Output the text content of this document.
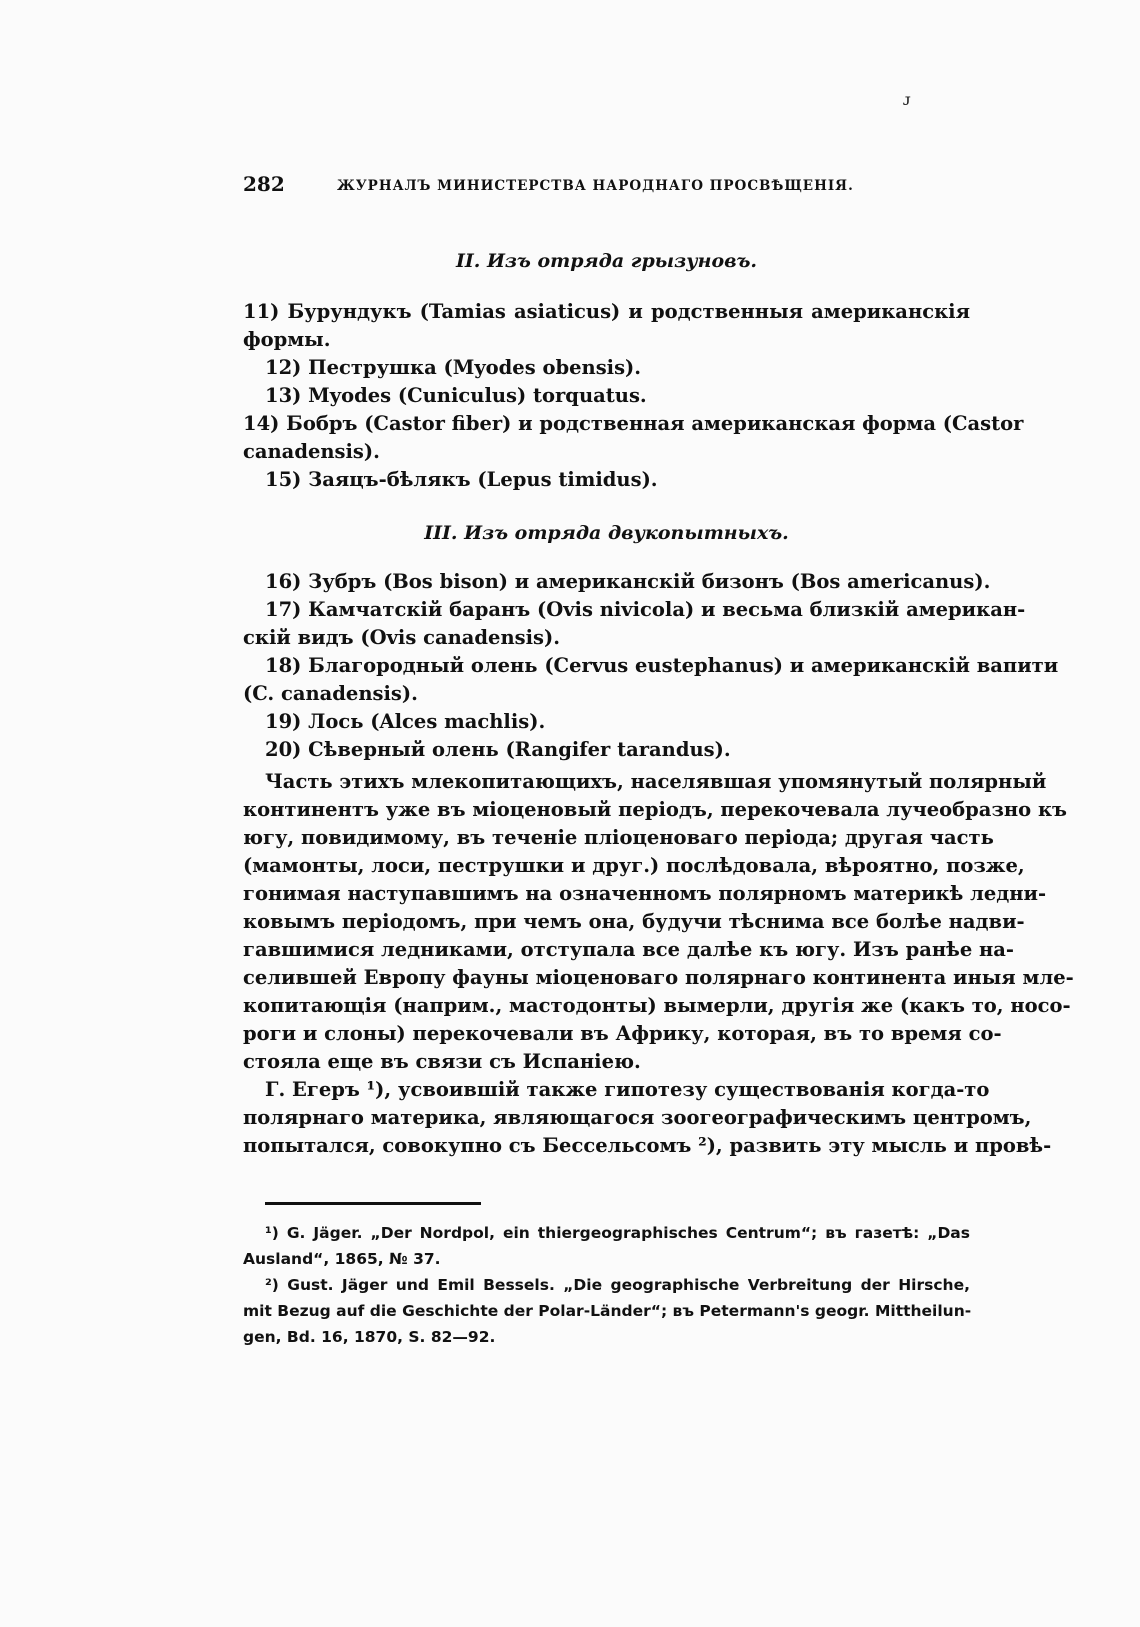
ᴊ
282	ЖУРНАЛЪ МИНИСТЕРСТВА НАРОДНАГО ПРОСВѢЩЕНІЯ.
II. Изъ отряда грызуновъ.
11) Бурундукъ (Tamias asiaticus) и родственныя американскія
формы.
12) Пеструшка (Myodes obensis).
13) Myodes (Cuniculus) torquatus.
14) Бобръ (Castor fiber) и родственная американская форма (Castor
canadensis).
15) Заяцъ-бѣлякъ (Lepus timidus).
III. Изъ отряда двукопытныхъ.
16) Зубръ (Bos bison) и американскій бизонъ (Bos americanus).
17) Камчатскій баранъ (Ovis nivicola) и весьма близкій американ-
скій видъ (Ovis canadensis).
18) Благородный олень (Cervus eustephanus) и американскій вапити
(C. canadensis).
19) Лось (Alces machlis).
20) Сѣверный олень (Rangifer tarandus).
Часть этихъ млекопитающихъ, населявшая упомянутый полярный
континентъ уже въ міоценовый періодъ, перекочевала лучеобразно къ
югу, повидимому, въ теченіе пліоценоваго періода; другая часть
(мамонты, лоси, пеструшки и друг.) послѣдовала, вѣроятно, позже,
гонимая наступавшимъ на означенномъ полярномъ материкѣ ледни-
ковымъ періодомъ, при чемъ она, будучи тѣснима все болѣе надви-
гавшимися ледниками, отступала все далѣе къ югу. Изъ ранѣе на-
селившей Европу фауны міоценоваго полярнаго континента иныя мле-
копитающія (наприм., мастодонты) вымерли, другія же (какъ то, носо-
роги и слоны) перекочевали въ Африку, которая, въ то время со-
стояла еще въ связи съ Испаніею.
Г. Егеръ ¹), усвоившій также гипотезу существованія когда-то
полярнаго материка, являющагося зоогеографическимъ центромъ,
попытался, совокупно съ Бессельсомъ ²), развить эту мысль и провѣ-
¹) G. Jäger. „Der Nordpol, ein thiergeographisches Centrum“; въ газетѣ: „Das
Ausland“, 1865, № 37.
²) Gust. Jäger und Emil Bessels. „Die geographische Verbreitung der Hirsche,
mit Bezug auf die Geschichte der Polar-Länder“; въ Petermann's geogr. Mittheilun-
gen, Bd. 16, 1870, S. 82—92.
